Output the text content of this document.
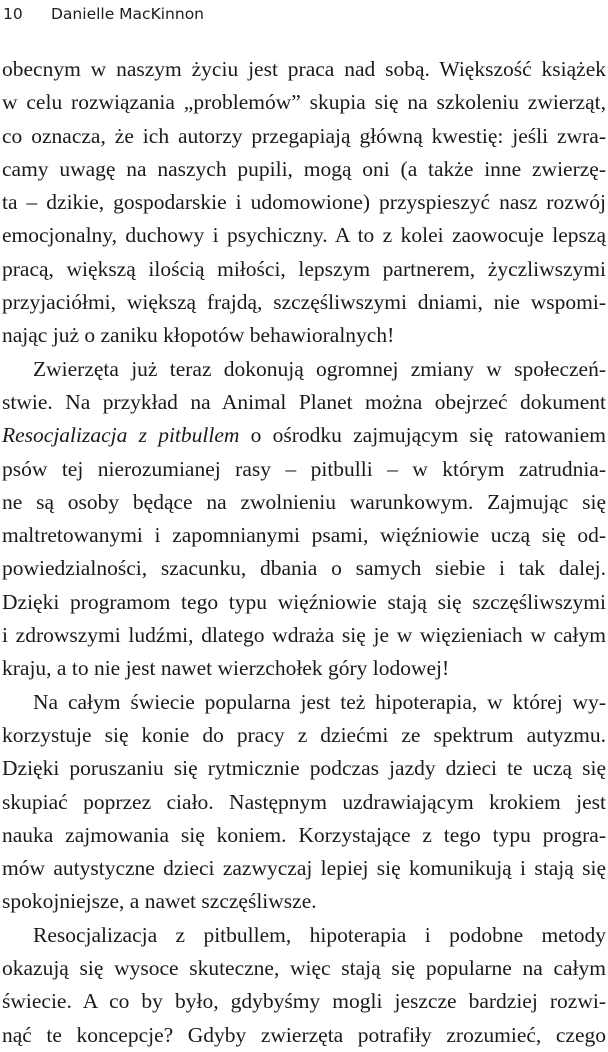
10 Danielle MacKinnon
obecnym w naszym życiu jest praca nad sobą. Większość książek
w celu rozwiązania „problemów” skupia się na szkoleniu zwierząt,
co oznacza, że ich autorzy przegapiają główną kwestię: jeśli zwra-
camy uwagę na naszych pupili, mogą oni (a także inne zwierzę-
ta – dzikie, gospodarskie i udomowione) przyspieszyć nasz rozwój
emocjonalny, duchowy i psychiczny. A to z kolei zaowocuje lepszą
pracą, większą ilością miłości, lepszym partnerem, życzliwszymi
przyjaciółmi, większą frajdą, szczęśliwszymi dniami, nie wspomi-
nając już o zaniku kłopotów behawioralnych!
Zwierzęta już teraz dokonują ogromnej zmiany w społeczeń-
stwie. Na przykład na Animal Planet można obejrzeć dokument
Resocjalizacja z pitbullem o ośrodku zajmującym się ratowaniem
psów tej nierozumianej rasy – pitbulli – w którym zatrudnia-
ne są osoby będące na zwolnieniu warunkowym. Zajmując się
maltretowanymi i zapomnianymi psami, więźniowie uczą się od-
powiedzialności, szacunku, dbania o samych siebie i tak dalej.
Dzięki programom tego typu więźniowie stają się szczęśliwszymi
i zdrowszymi ludźmi, dlatego wdraża się je w więzieniach w całym
kraju, a to nie jest nawet wierzchołek góry lodowej!
Na całym świecie popularna jest też hipoterapia, w której wy-
korzystuje się konie do pracy z dziećmi ze spektrum autyzmu.
Dzięki poruszaniu się rytmicznie podczas jazdy dzieci te uczą się
skupiać poprzez ciało. Następnym uzdrawiającym krokiem jest
nauka zajmowania się koniem. Korzystające z tego typu progra-
mów autystyczne dzieci zazwyczaj lepiej się komunikują i stają się
spokojniejsze, a nawet szczęśliwsze.
Resocjalizacja z pitbullem, hipoterapia i podobne metody
okazują się wysoce skuteczne, więc stają się popularne na całym
świecie. A co by było, gdybyśmy mogli jeszcze bardziej rozwi-
nąć te koncepcje? Gdyby zwierzęta potrafiły zrozumieć, czego
